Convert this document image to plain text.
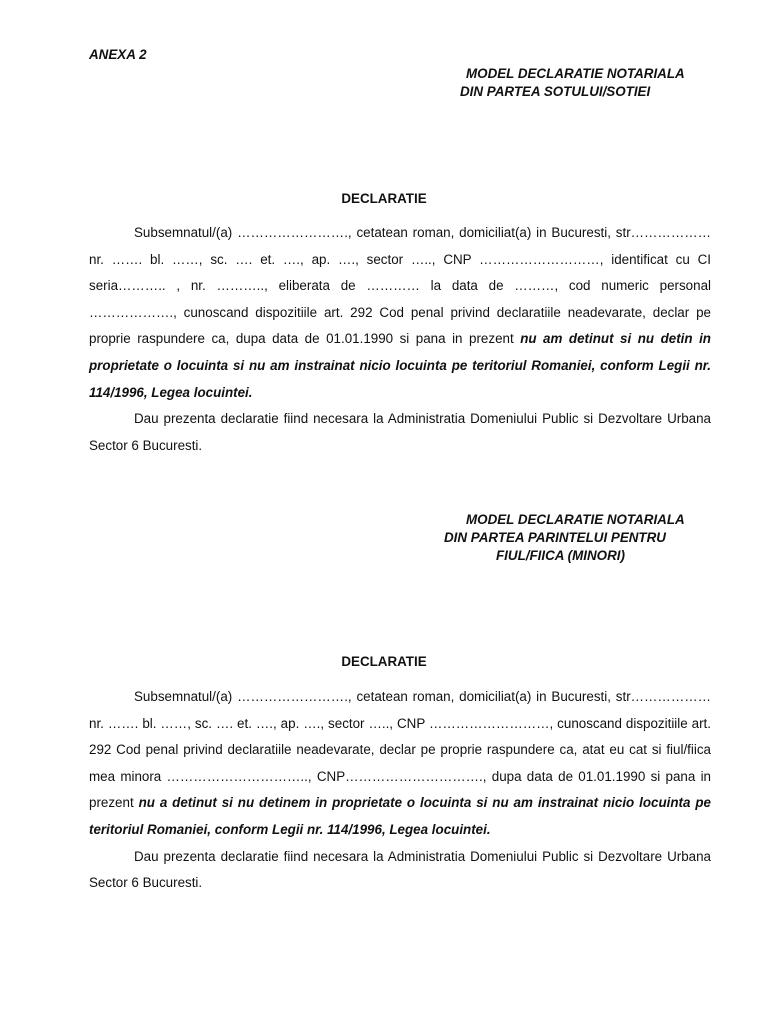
ANEXA 2
MODEL DECLARATIE NOTARIALA
DIN PARTEA SOTULUI/SOTIEI
DECLARATIE

Subsemnatul/(a) ……………………., cetatean roman, domiciliat(a) in Bucuresti, str……………… nr. ……. bl. ……, sc. …. et. …., ap. …., sector ….., CNP ………………………, identificat cu CI seria……….. , nr. ……….., eliberata de ………… la data de ………, cod numeric personal ………………., cunoscand dispozitiile art. 292 Cod penal privind declaratiile neadevarate, declar pe proprie raspundere ca, dupa data de 01.01.1990 si pana in prezent nu am detinut si nu detin in proprietate o locuinta si nu am instrainat nicio locuinta pe teritoriul Romaniei, conform Legii nr. 114/1996, Legea locuintei.

Dau prezenta declaratie fiind necesara la Administratia Domeniului Public si Dezvoltare Urbana Sector 6 Bucuresti.

MODEL DECLARATIE NOTARIALA
DIN PARTEA PARINTELUI PENTRU
FIUL/FIICA (MINORI)
DECLARATIE

Subsemnatul/(a) ……………………., cetatean roman, domiciliat(a) in Bucuresti, str……………… nr. ……. bl. ……, sc. …. et. …., ap. …., sector ….., CNP ………………………, cunoscand dispozitiile art. 292 Cod penal privind declaratiile neadevarate, declar pe proprie raspundere ca, atat eu cat si fiul/fiica mea minora ………………………….., CNP…………………………., dupa data de 01.01.1990 si pana in prezent nu a detinut si nu detinem in proprietate o locuinta si nu am instrainat nicio locuinta pe teritoriul Romaniei, conform Legii nr. 114/1996, Legea locuintei.

Dau prezenta declaratie fiind necesara la Administratia Domeniului Public si Dezvoltare Urbana Sector 6 Bucuresti.
